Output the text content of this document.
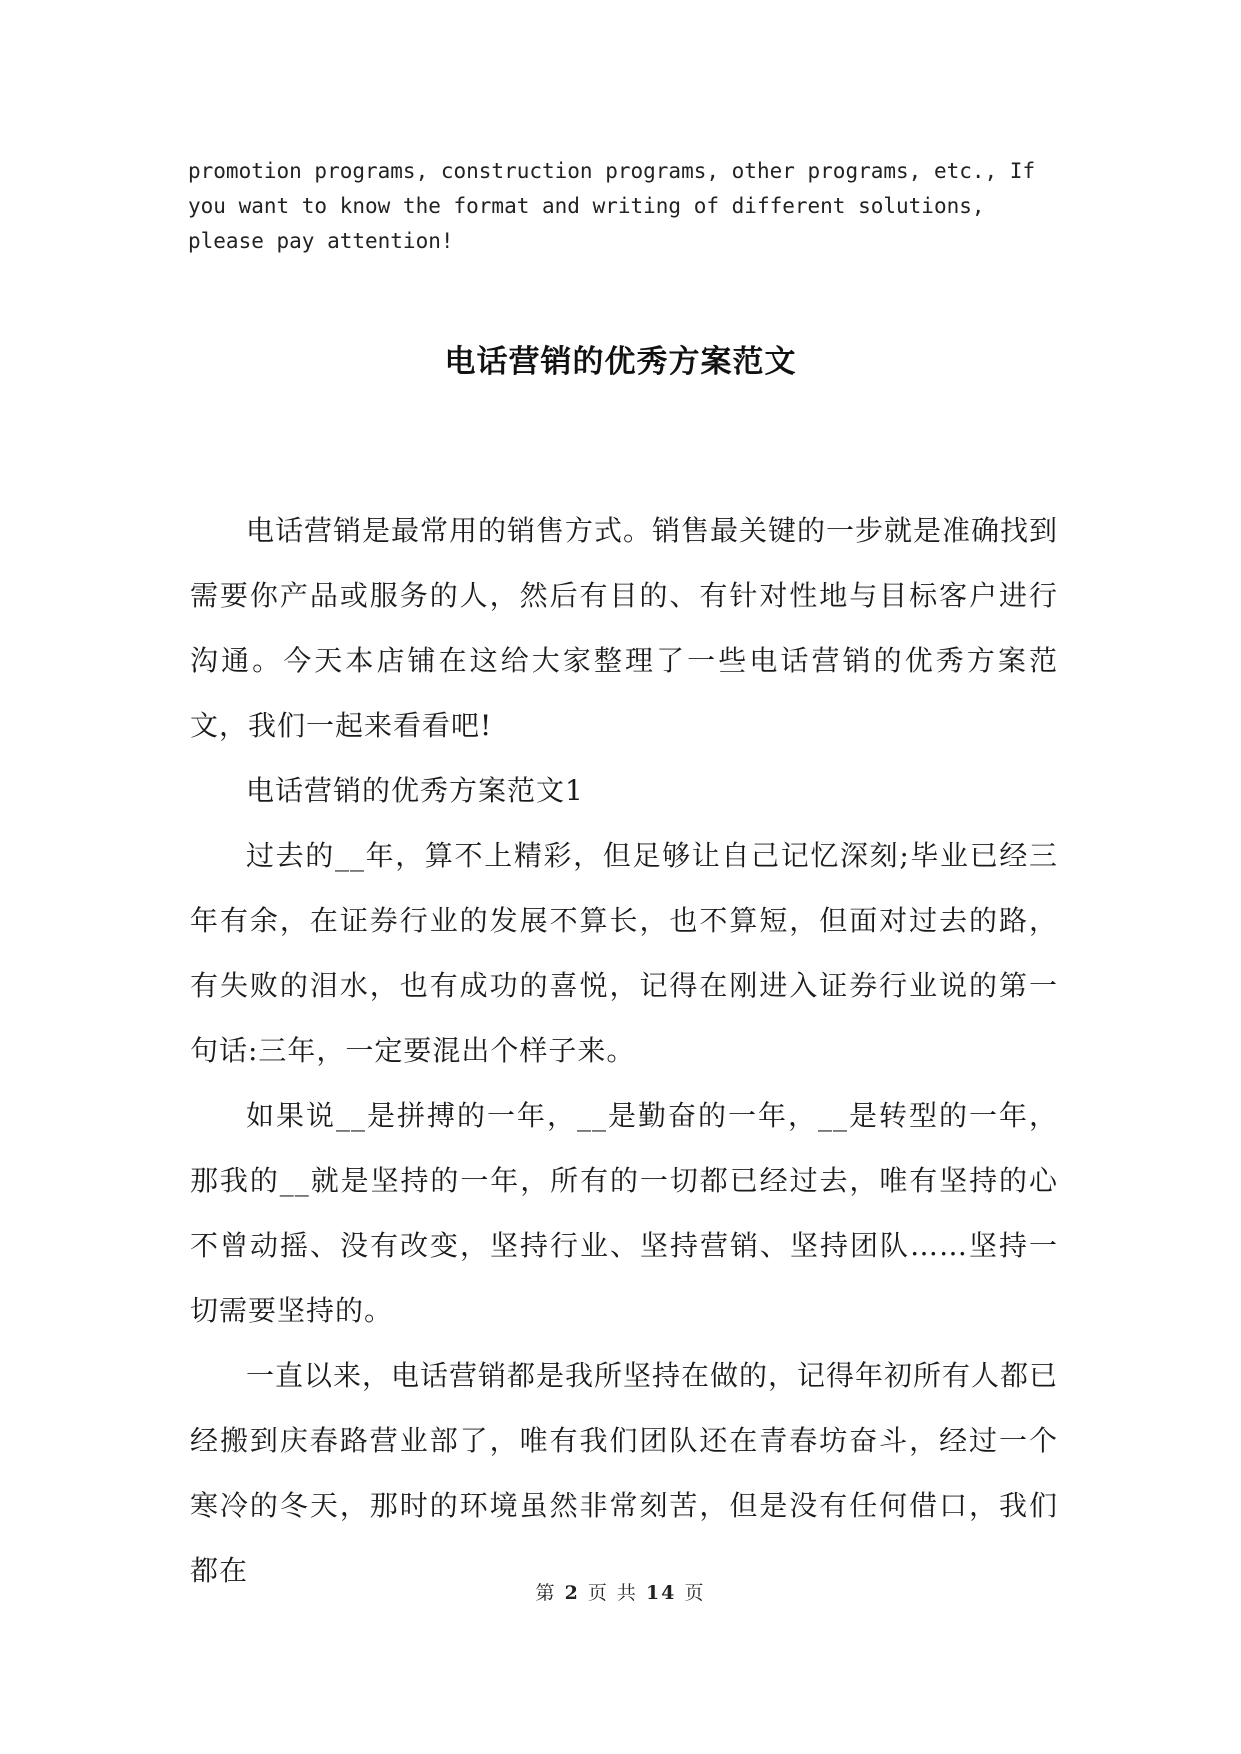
promotion programs, construction programs, other programs, etc., If you want to know the format and writing of different solutions, please pay attention!

电话营销的优秀方案范文

电话营销是最常用的销售方式。销售最关键的一步就是准确找到需要你产品或服务的人，然后有目的、有针对性地与目标客户进行沟通。今天本店铺在这给大家整理了一些电话营销的优秀方案范文，我们一起来看看吧!

电话营销的优秀方案范文1

过去的__年，算不上精彩，但足够让自己记忆深刻;毕业已经三年有余，在证券行业的发展不算长，也不算短，但面对过去的路，有失败的泪水，也有成功的喜悦，记得在刚进入证券行业说的第一句话:三年，一定要混出个样子来。

如果说__是拼搏的一年，__是勤奋的一年，__是转型的一年，那我的__就是坚持的一年，所有的一切都已经过去，唯有坚持的心不曾动摇、没有改变，坚持行业、坚持营销、坚持团队……坚持一切需要坚持的。

一直以来，电话营销都是我所坚持在做的，记得年初所有人都已经搬到庆春路营业部了，唯有我们团队还在青春坊奋斗，经过一个寒冷的冬天，那时的环境虽然非常刻苦，但是没有任何借口，我们都在

第 2 页 共 14 页
